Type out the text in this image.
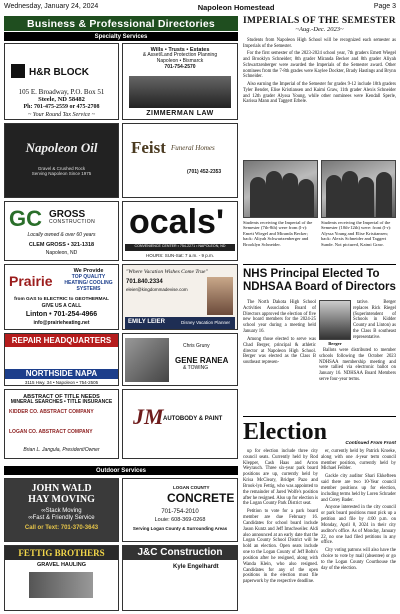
Wednesday, January 24, 2024	Napoleon Homestead	Page 3
Business & Professional Directories
Specialty Services
H&R BLOCK
105 E. Broadway, P.O. Box 51
Steele, ND 58482
Ph: 701-475-2559 or 475-2708
~ Your Round Tax Service ~
Wills • Trusts • Estates
& Asset/Land Protection Planning
Napoleon • Bismarck
701-754-2570
ZIMMERMAN LAW
Napoleon Oil
Gravel & Crushed Rock
Serving Napoleon Since 1975
Feist Funeral Homes
(701) 452-2353
GC GROSS
CONSTRUCTION
Locally owned & over 60 years
CLEM GROSS • 321-1318
Napoleon, ND
ocals'
CONVENIENCE CENTER • 754-2271 • NAPOLEON, ND
HOURS: SUN-Sat: 7 a.m. - 9 p.m.
Prairie
We Provide
TOP QUALITY HEATING/ COOLING SYSTEMS
from GAS to ELECTRIC to GEOTHERMAL
GIVE US A CALL
Linton • 701-254-4966
info@prairieheating.net
"Where Vacation Wishes Come True"
701.840.2334
eleier@kingdommadevise.com
EMILY LEIER	Disney Vacation Planner
REPAIR HEADQUARTERS
NORTHSIDE NAPA
3115 Hwy. 34 • Napoleon • 754-2505
GENE RANEA
& TOWING
Chris Gruny
ABSTRACT OF TITLE NEEDS
MINERAL SEARCHES • TITLE INSURANCE
KIDDER CO. ABSTRACT COMPANY
LOGAN CO. ABSTRACT COMPANY
Brian L. Jangula, President/Owner
JM AUTOBODY & PAINT
Outdoor Services
JOHN WALD
HAY MOVING
∞Stack Moving
∞Fast & Friendly Service
Call or Text: 701-370-3643
LOGAN COUNTY
CONCRETE
701-754-2010
Louie: 608-369-0268
Serving Logan County & Surrounding Areas
FETTIG BROTHERS
GRAVEL HAULING
J&C Construction
Kyle Engelhardt
IMPERIALS OF THE SEMESTER
~Aug.-Dec. 2023~

Students from Napoleon High School will be recognized each semester as Imperials of the Semester.

For the first semester of the 2023-2024 school year, 7th graders Emett Wiegel and Brooklyn Schneider; 8th grader Miranda Becker and 8th grader Aliyah Schwartzenberger were awarded the Imperials of the Semester award. Other nominees from the 7-8th grades were Kaylee Dockter, Brady Hastings and Brynn Schneider.

Also earning the Imperial of the Semester for grades 9-12 include 10th graders Tyler Bender, Elise Kristiansen and Kaimi Graw, 11th grader Alexis Schneider and 12th grader Alyssa Young, while other nominees were Kendall Sperle, Karissa Mann and Taggert Erbele.

Students receiving the Imperial of the Semester (7th-8th) were from (l-r): Emett Wiegel and Miranda Becker; back: Aliyah Schwartzenberger and Brooklyn Schneider.
Students receiving the Imperial of the Semester (10th-12th) were: front (l-r): Alyssa Young and Elise Kristiansen; back: Alexis Schneider and Taggert Sunde. Not pictured, Kaimi Graw.
NHS Principal Elected To NDHSAA Board of Directors

The North Dakota High School Activities Association Board of Directors approved the election of five new board members for the 2024-25 school year during a meeting held January 16.

Among those elected to serve was Chad Berger, principal & athletic director at Napoleon High School. Berger was elected as the Class B southeast represen-

Berger

tative. Berger replaces Rick Riegel (Superintendent of Schools in Kidder County and Linton) as the Class B southeast representative.

Ballots were distributed to member schools following the October 2023 NDHSAA membership meeting and were tallied via electronic ballot on January 16. NDHSAA Board Members serve four-year terms.

Election	Continued From Front

up for election include three city council seats. Currently held by Rod Klepper, Cash Haas and Arron Weyrauch. Three six-year park board positions are up, currently held by Krisa McCleary, Bridget Pazo and Brook-lyn Fettig, who was appointed to the remainder of Jared Wolfe's position after he resigned. Also up for election is the Logan County Park District seat.

Petition to vote for a park board member are due February 16. Candidates for school board include Jason Kuntz and Jeff Imschweiler. Aldi also announced at an early date that the Logan County School District will be hold an election. Open seats include one to the Logan County of Jeff Bolts's position after he resigned, along with Wanda Klein, who also resigned. Candidates for any of the open positions in the election must file paperwork by the respective deadline.

er, currently held by Patrick Kroeke, along with one 4-year term council member position, currently held by Michael Feibler.

Gackle city auditor Shari Ekkefteen said there are two 10-Year council member positions up for election, including terms held by Loren Schrader and Corey Bader.

Anyone interested in the city council or park board positions must pick up a petition and file by 4:00 p.m. on Monday, April 8, 2024 in their city auditor's office. As of Monday, January 22, no one had filed petitions in any office.

City voting patrons will also have the choice to vote by mail (absentee) or go to the Logan County Courthouse the day of the election.
